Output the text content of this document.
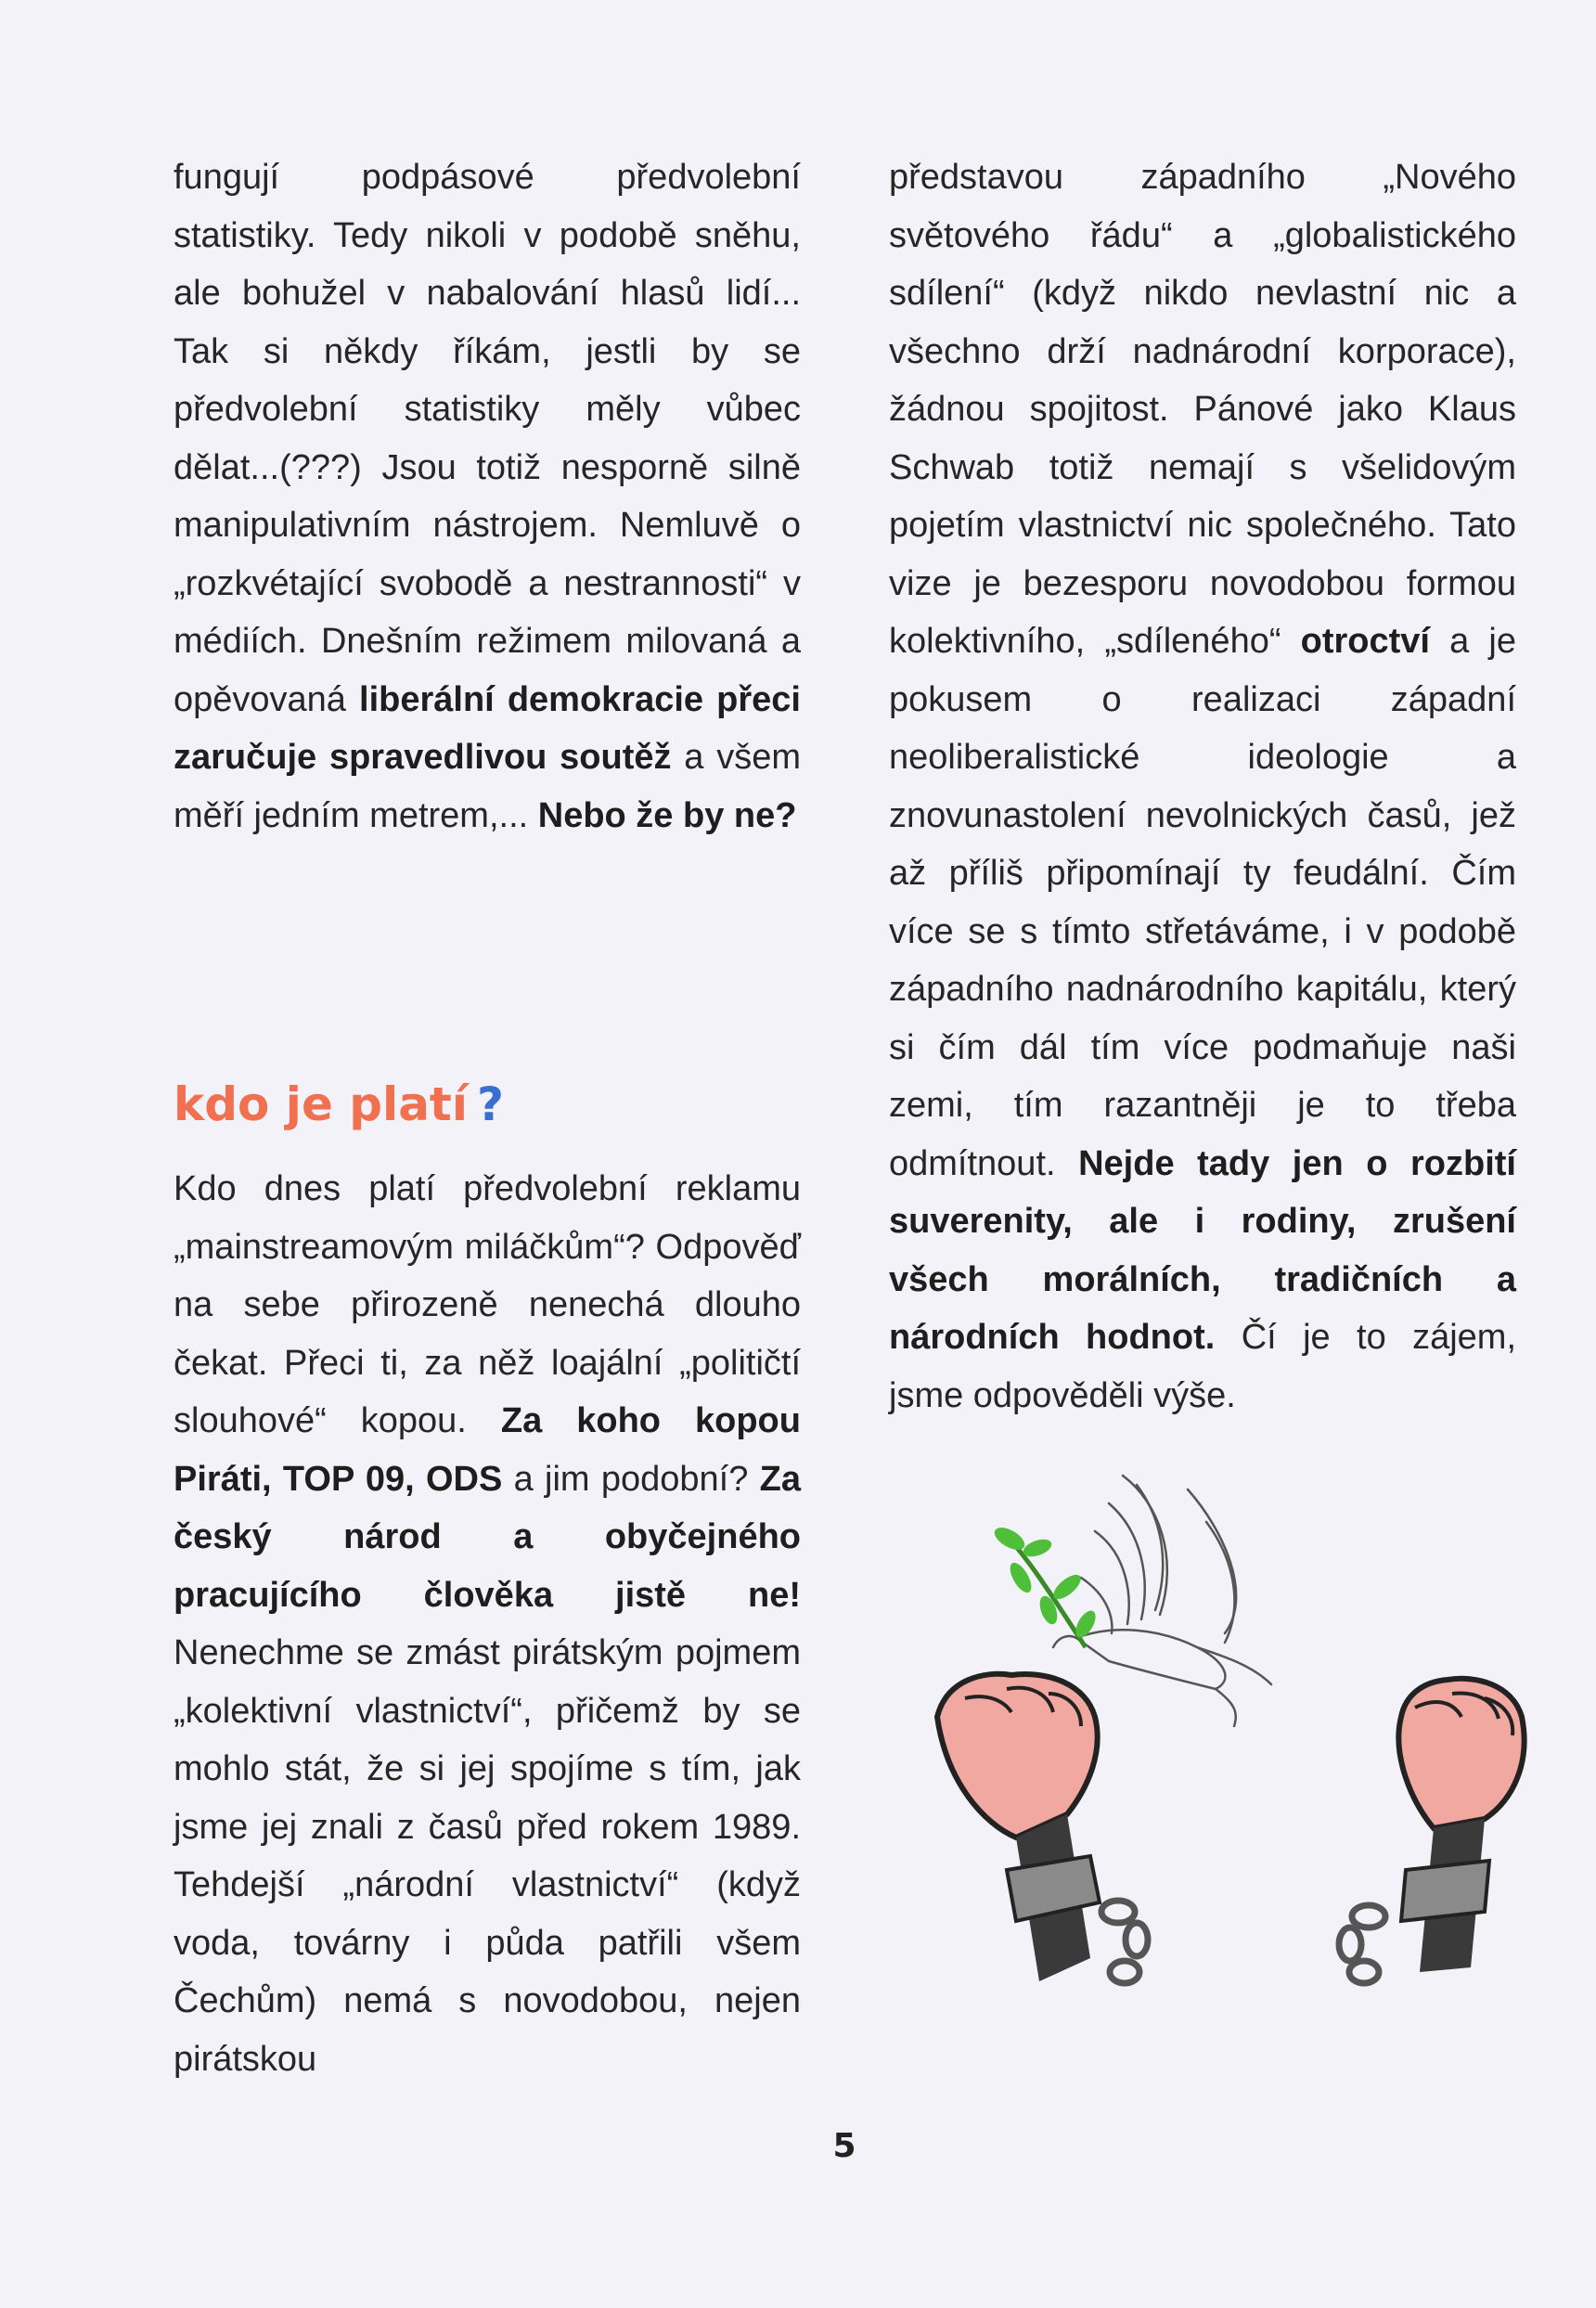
fungují podpásové předvolební statistiky. Tedy nikoli v podobě sněhu, ale bohužel v nabalování hlasů lidí... Tak si někdy říkám, jestli by se předvolební statistiky měly vůbec dělat...(???) Jsou totiž nesporně silně manipulativním nástrojem. Nemluvě o „rozkvétající svobodě a nestrannosti“ v médiích. Dnešním režimem milovaná a opěvovaná liberální demokracie přeci zaručuje spravedlivou soutěž a všem měří jedním metrem,... Nebo že by ne?

kdo je platí ?

Kdo dnes platí předvolební reklamu „mainstreamovým miláčkům“? Odpověď na sebe přirozeně nenechá dlouho čekat. Přeci ti, za něž loajální „političtí slouhové“ kopou. Za koho kopou Piráti, TOP 09, ODS a jim podobní? Za český národ a obyčejného pracujícího člověka jistě ne! Nenechme se zmást pirátským pojmem „kolektivní vlastnictví“, přičemž by se mohlo stát, že si jej spojíme s tím, jak jsme jej znali z časů před rokem 1989. Tehdejší „národní vlastnictví“ (když voda, továrny i půda patřili všem Čechům) nemá s novodobou, nejen pirátskou

představou západního „Nového světového řádu“ a „globalistického sdílení“ (když nikdo nevlastní nic a všechno drží nadnárodní korporace), žádnou spojitost. Pánové jako Klaus Schwab totiž nemají s všelidovým pojetím vlastnictví nic společného. Tato vize je bezesporu novodobou formou kolektivního, „sdíleného“ otroctví a je pokusem o realizaci západní neoliberalistické ideologie a znovunastolení nevolnických časů, jež až příliš připomínají ty feudální. Čím více se s tímto střetáváme, i v podobě západního nadnárodního kapitálu, který si čím dál tím více podmaňuje naši zemi, tím razantněji je to třeba odmítnout. Nejde tady jen o rozbití suverenity, ale i rodiny, zrušení všech morálních, tradičních a národních hodnot. Čí je to zájem, jsme odpověděli výše.

5
